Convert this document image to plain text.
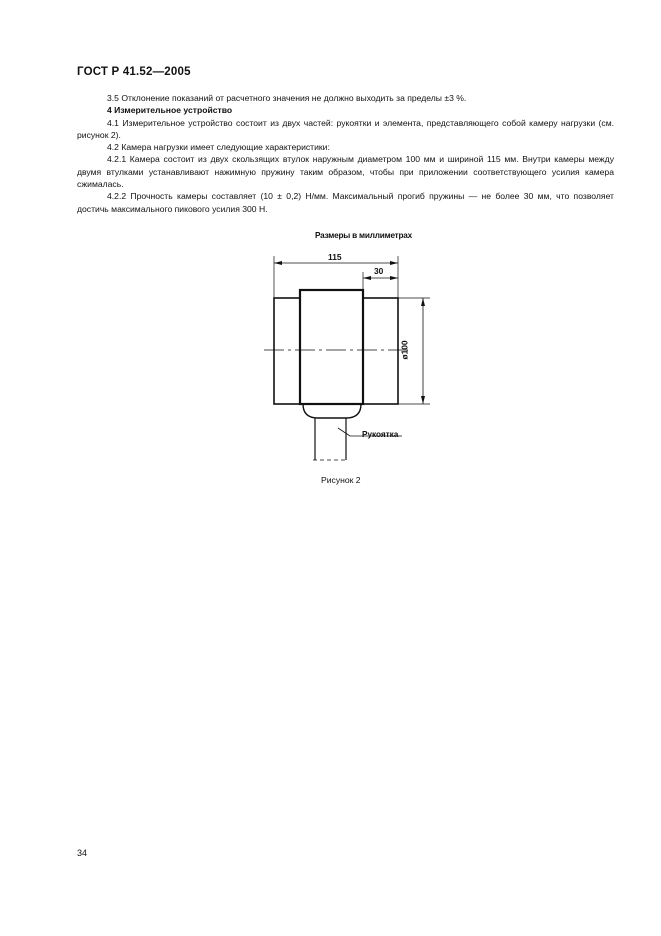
ГОСТ Р 41.52—2005

3.5 Отклонение показаний от расчетного значения не должно выходить за пределы ±3 %.

4 Измерительное устройство

4.1 Измерительное устройство состоит из двух частей: рукоятки и элемента, представляющего собой камеру нагрузки (см. рисунок 2).

4.2 Камера нагрузки имеет следующие характеристики:

4.2.1 Камера состоит из двух скользящих втулок наружным диаметром 100 мм и шириной 115 мм. Внутри камеры между двумя втулками устанавливают нажимную пружину таким образом, чтобы при приложении соответствующего усилия камера сжималась.

4.2.2 Прочность камеры составляет (10 ± 0,2) Н/мм. Максимальный прогиб пружины — не более 30 мм, что позволяет достичь максимального пикового усилия 300 Н.

Размеры в миллиметрах
115
30
ø100
Рукоятка
Рисунок 2
34
